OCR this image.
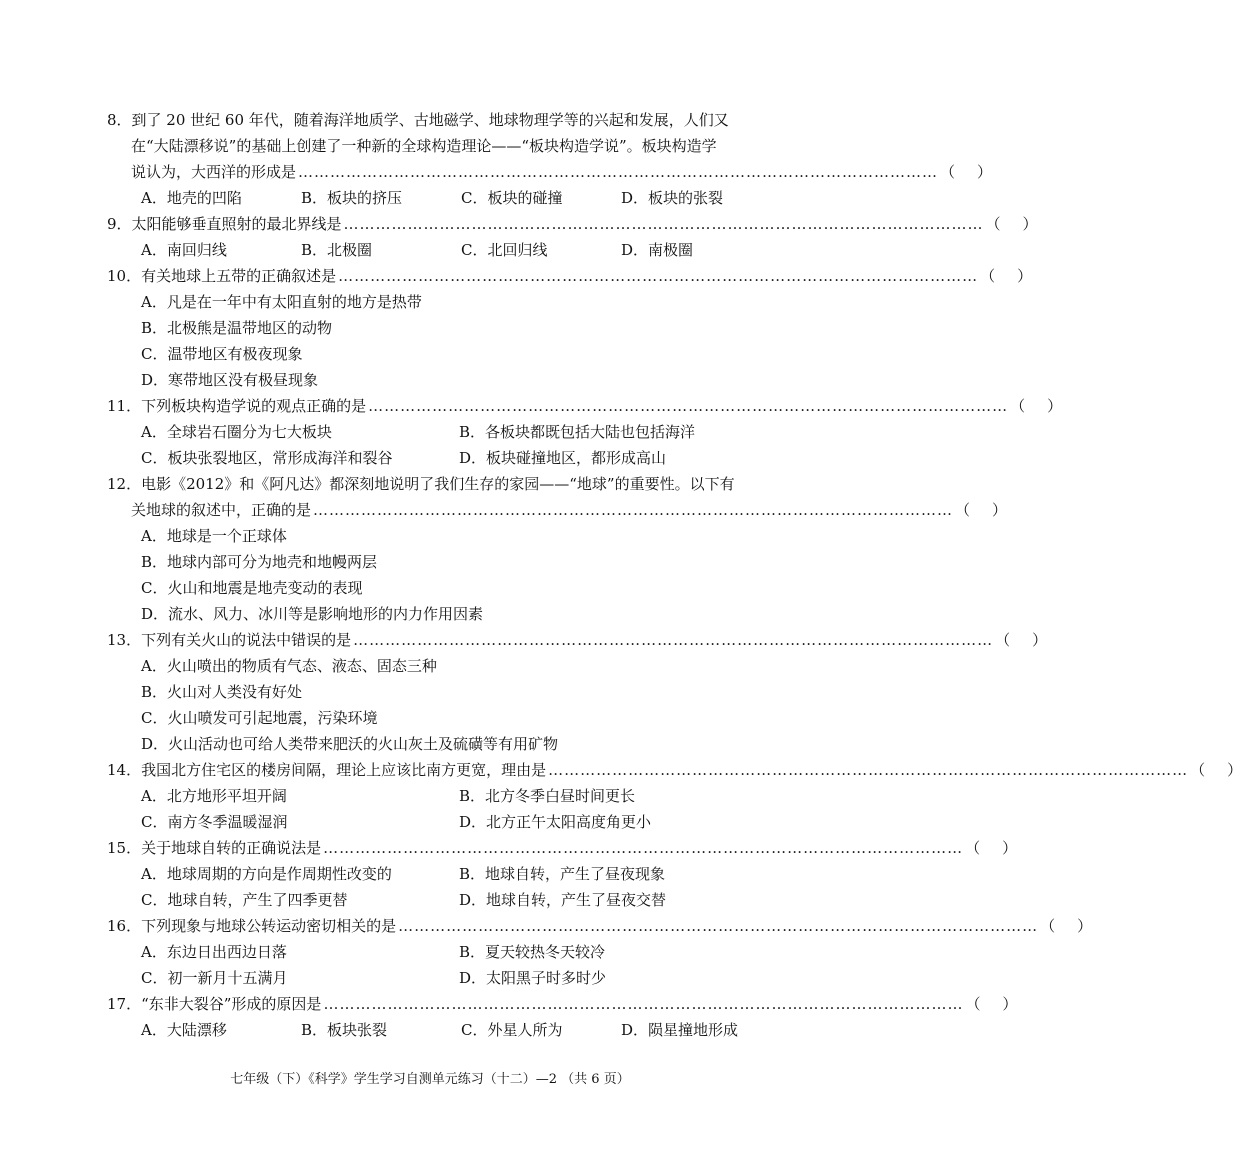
8．到了 20 世纪 60 年代，随着海洋地质学、古地磁学、地球物理学等的兴起和发展，人们又
在“大陆漂移说”的基础上创建了一种新的全球构造理论——“板块构造学说”。板块构造学
说认为，大西洋的形成是 ………………………………………………………………………………………………………… （ ）
A．地壳的凹陷	B．板块的挤压	C．板块的碰撞	D．板块的张裂
9．太阳能够垂直照射的最北界线是 ………………………………………………………………………………………………………… （ ）
A．南回归线	B．北极圈	C．北回归线	D．南极圈
10．有关地球上五带的正确叙述是 ………………………………………………………………………………………………………… （ ）
A．凡是在一年中有太阳直射的地方是热带
B．北极熊是温带地区的动物
C．温带地区有极夜现象
D．寒带地区没有极昼现象
11．下列板块构造学说的观点正确的是 ………………………………………………………………………………………………………… （ ）
A．全球岩石圈分为七大板块	B．各板块都既包括大陆也包括海洋
C．板块张裂地区，常形成海洋和裂谷	D．板块碰撞地区，都形成高山
12．电影《2012》和《阿凡达》都深刻地说明了我们生存的家园——“地球”的重要性。以下有
关地球的叙述中，正确的是 ………………………………………………………………………………………………………… （ ）
A．地球是一个正球体
B．地球内部可分为地壳和地幔两层
C．火山和地震是地壳变动的表现
D．流水、风力、冰川等是影响地形的内力作用因素
13．下列有关火山的说法中错误的是 ………………………………………………………………………………………………………… （ ）
A．火山喷出的物质有气态、液态、固态三种
B．火山对人类没有好处
C．火山喷发可引起地震，污染环境
D．火山活动也可给人类带来肥沃的火山灰土及硫磺等有用矿物
14．我国北方住宅区的楼房间隔，理论上应该比南方更宽，理由是 ………………………………………………………………………………………………………… （ ）
A．北方地形平坦开阔	B．北方冬季白昼时间更长
C．南方冬季温暖湿润	D．北方正午太阳高度角更小
15．关于地球自转的正确说法是 ………………………………………………………………………………………………………… （ ）
A．地球周期的方向是作周期性改变的	B．地球自转，产生了昼夜现象
C．地球自转，产生了四季更替	D．地球自转，产生了昼夜交替
16．下列现象与地球公转运动密切相关的是 ………………………………………………………………………………………………………… （ ）
A．东边日出西边日落	B．夏天较热冬天较冷
C．初一新月十五满月	D．太阳黑子时多时少
17．“东非大裂谷”形成的原因是 ………………………………………………………………………………………………………… （ ）
A．大陆漂移	B．板块张裂	C．外星人所为	D．陨星撞地形成
七年级（下）《科学》学生学习自测单元练习（十二）—2 （共 6 页）
